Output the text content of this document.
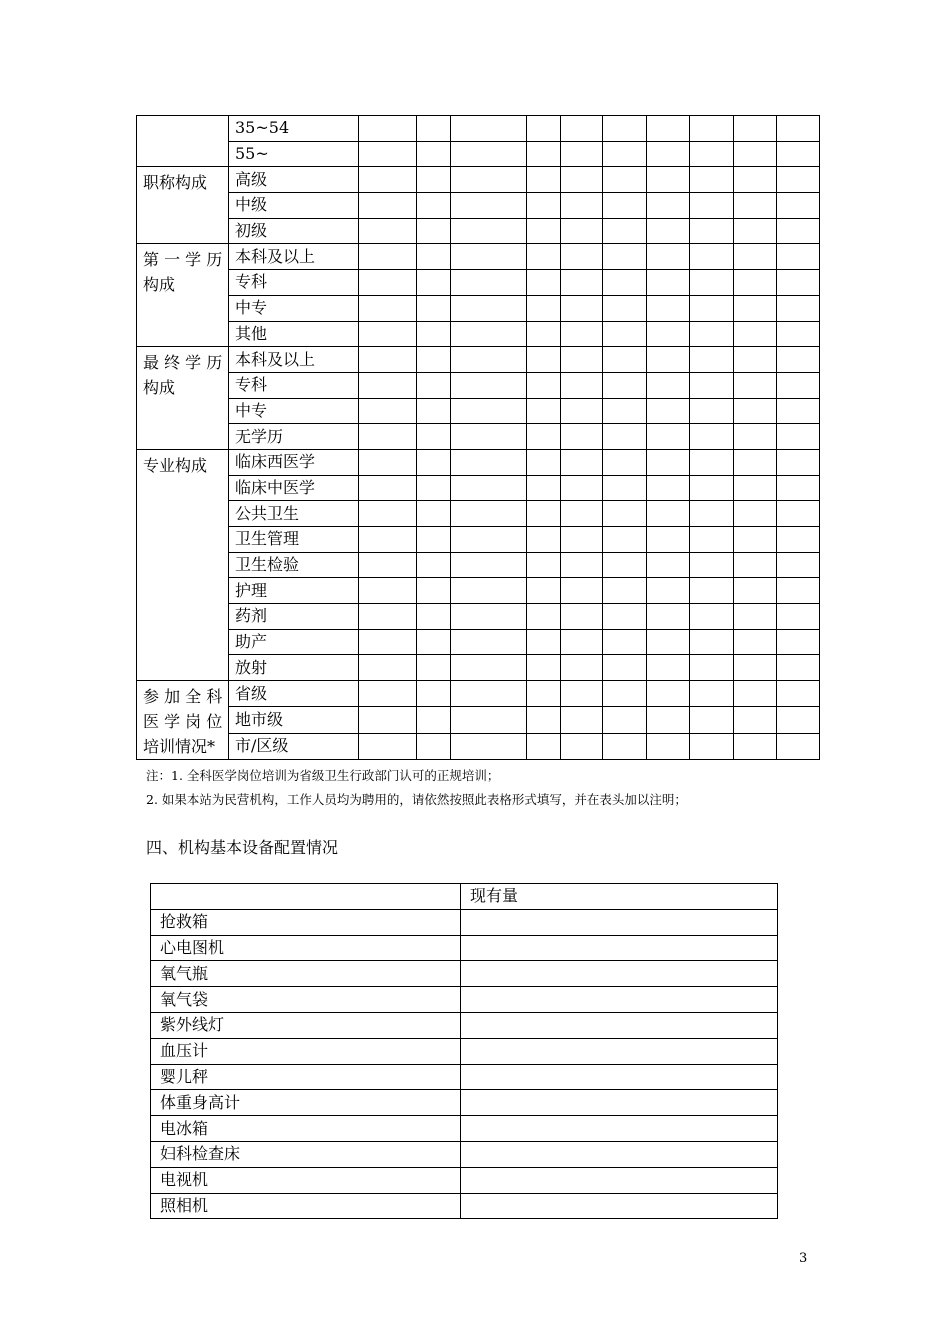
	35~54										
	55~										

职称构成	高级										
	中级										
	初级										

第 一 学 历
构成	本科及以上										
	专科										
	中专										
	其他										

最 终 学 历
构成	本科及以上										
	专科										
	中专										
	无学历										

专业构成	临床西医学										
	临床中医学										
	公共卫生										
	卫生管理										
	卫生检验										
	护理										
	药剂										
	助产										
	放射										

参 加 全 科
医 学 岗 位
培训情况*	省级										
	地市级										
	市/区级										
注：1. 全科医学岗位培训为省级卫生行政部门认可的正规培训；
2. 如果本站为民营机构，工作人员均为聘用的，请依然按照此表格形式填写，并在表头加以注明；
四、机构基本设备配置情况
	现有量
抢救箱	
心电图机	
氧气瓶	
氧气袋	
紫外线灯	
血压计	
婴儿秤	
体重身高计	
电冰箱	
妇科检查床	
电视机	
照相机	
3
